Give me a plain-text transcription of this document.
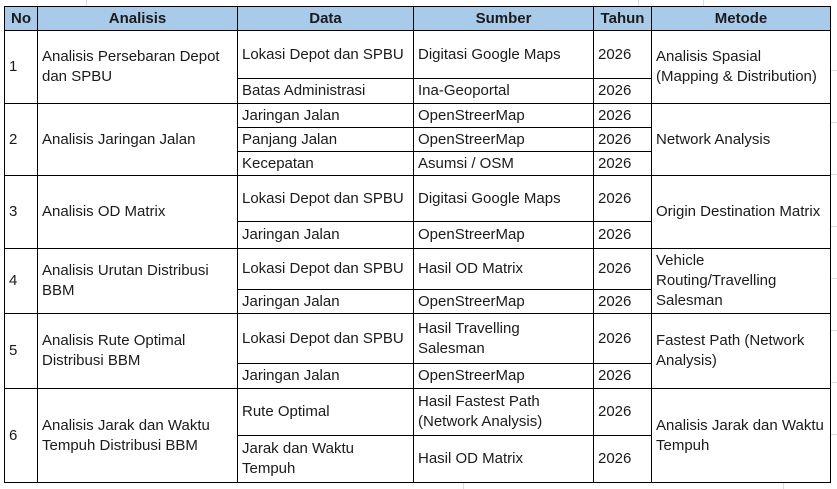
No	Analisis	Data	Sumber	Tahun	Metode
1	Analisis Persebaran Depot dan SPBU	Lokasi Depot dan SPBU	Digitasi Google Maps	2026	Analisis Spasial (Mapping & Distribution)
		Batas Administrasi	Ina-Geoportal	2026	
2	Analisis Jaringan Jalan	Jaringan Jalan	OpenStreerMap	2026	Network Analysis
		Panjang Jalan	OpenStreerMap	2026	
		Kecepatan	Asumsi / OSM	2026	
3	Analisis OD Matrix	Lokasi Depot dan SPBU	Digitasi Google Maps	2026	Origin Destination Matrix
		Jaringan Jalan	OpenStreerMap	2026	
4	Analisis Urutan Distribusi BBM	Lokasi Depot dan SPBU	Hasil OD Matrix	2026	Vehicle Routing/Travelling Salesman
		Jaringan Jalan	OpenStreerMap	2026	
5	Analisis Rute Optimal Distribusi BBM	Lokasi Depot dan SPBU	Hasil Travelling Salesman	2026	Fastest Path (Network Analysis)
		Jaringan Jalan	OpenStreerMap	2026	
6	Analisis Jarak dan Waktu Tempuh Distribusi BBM	Rute Optimal	Hasil Fastest Path (Network Analysis)	2026	Analisis Jarak dan Waktu Tempuh
		Jarak dan Waktu Tempuh	Hasil OD Matrix	2026	
